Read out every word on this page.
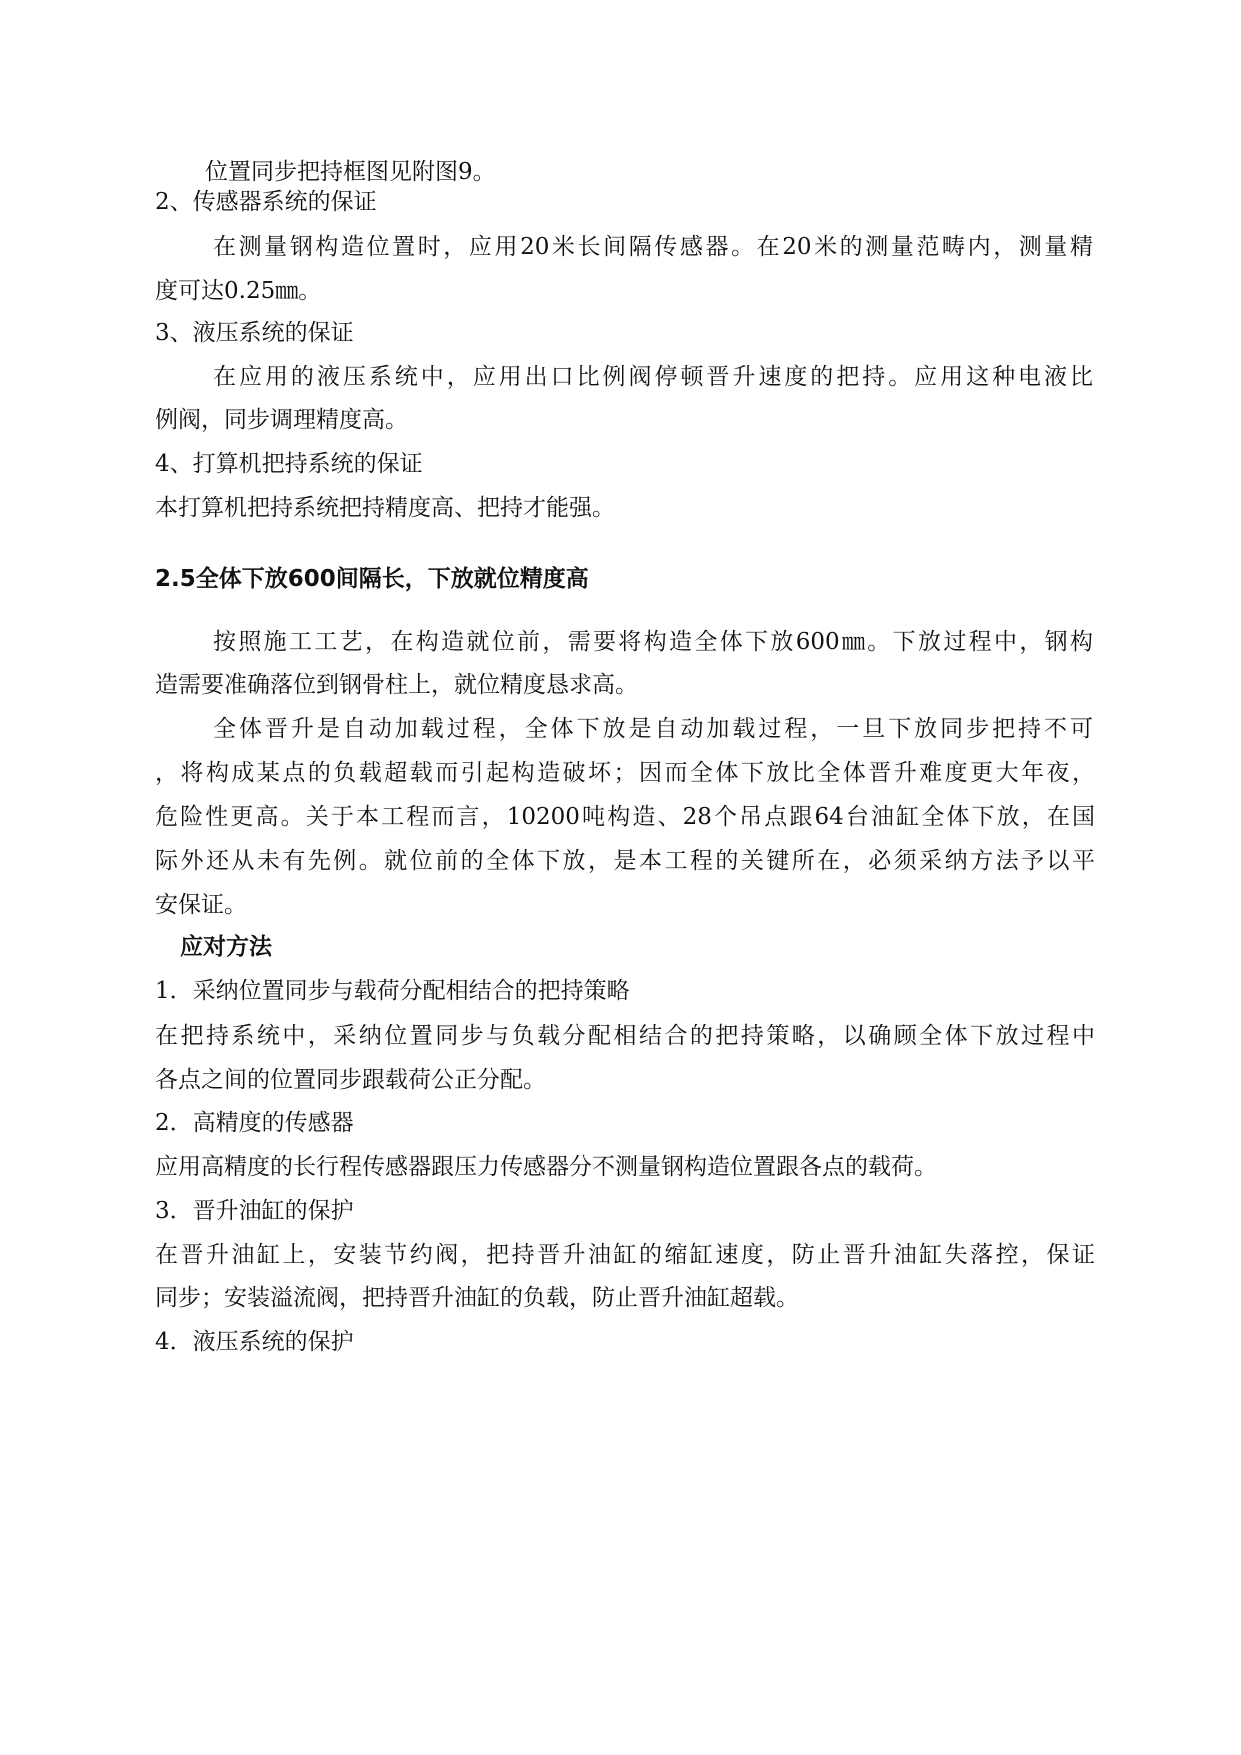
位置同步把持框图见附图9。
2、传感器系统的保证
在测量钢构造位置时，应用20米长间隔传感器。在20米的测量范畴内，测量精
度可达0.25㎜。
3、液压系统的保证
在应用的液压系统中，应用出口比例阀停顿晋升速度的把持。应用这种电液比
例阀，同步调理精度高。
4、打算机把持系统的保证
本打算机把持系统把持精度高、把持才能强。
2.5全体下放600间隔长，下放就位精度高
按照施工工艺，在构造就位前，需要将构造全体下放600㎜。下放过程中，钢构
造需要准确落位到钢骨柱上，就位精度恳求高。
全体晋升是自动加载过程，全体下放是自动加载过程，一旦下放同步把持不可
，将构成某点的负载超载而引起构造破坏；因而全体下放比全体晋升难度更大年夜，
危险性更高。关于本工程而言，10200吨构造、28个吊点跟64台油缸全体下放，在国
际外还从未有先例。就位前的全体下放，是本工程的关键所在，必须采纳方法予以平
安保证。
应对方法
1．采纳位置同步与载荷分配相结合的把持策略
在把持系统中，采纳位置同步与负载分配相结合的把持策略，以确顾全体下放过程中
各点之间的位置同步跟载荷公正分配。
2．高精度的传感器
应用高精度的长行程传感器跟压力传感器分不测量钢构造位置跟各点的载荷。
3．晋升油缸的保护
在晋升油缸上，安装节约阀，把持晋升油缸的缩缸速度，防止晋升油缸失落控，保证
同步；安装溢流阀，把持晋升油缸的负载，防止晋升油缸超载。
4．液压系统的保护
